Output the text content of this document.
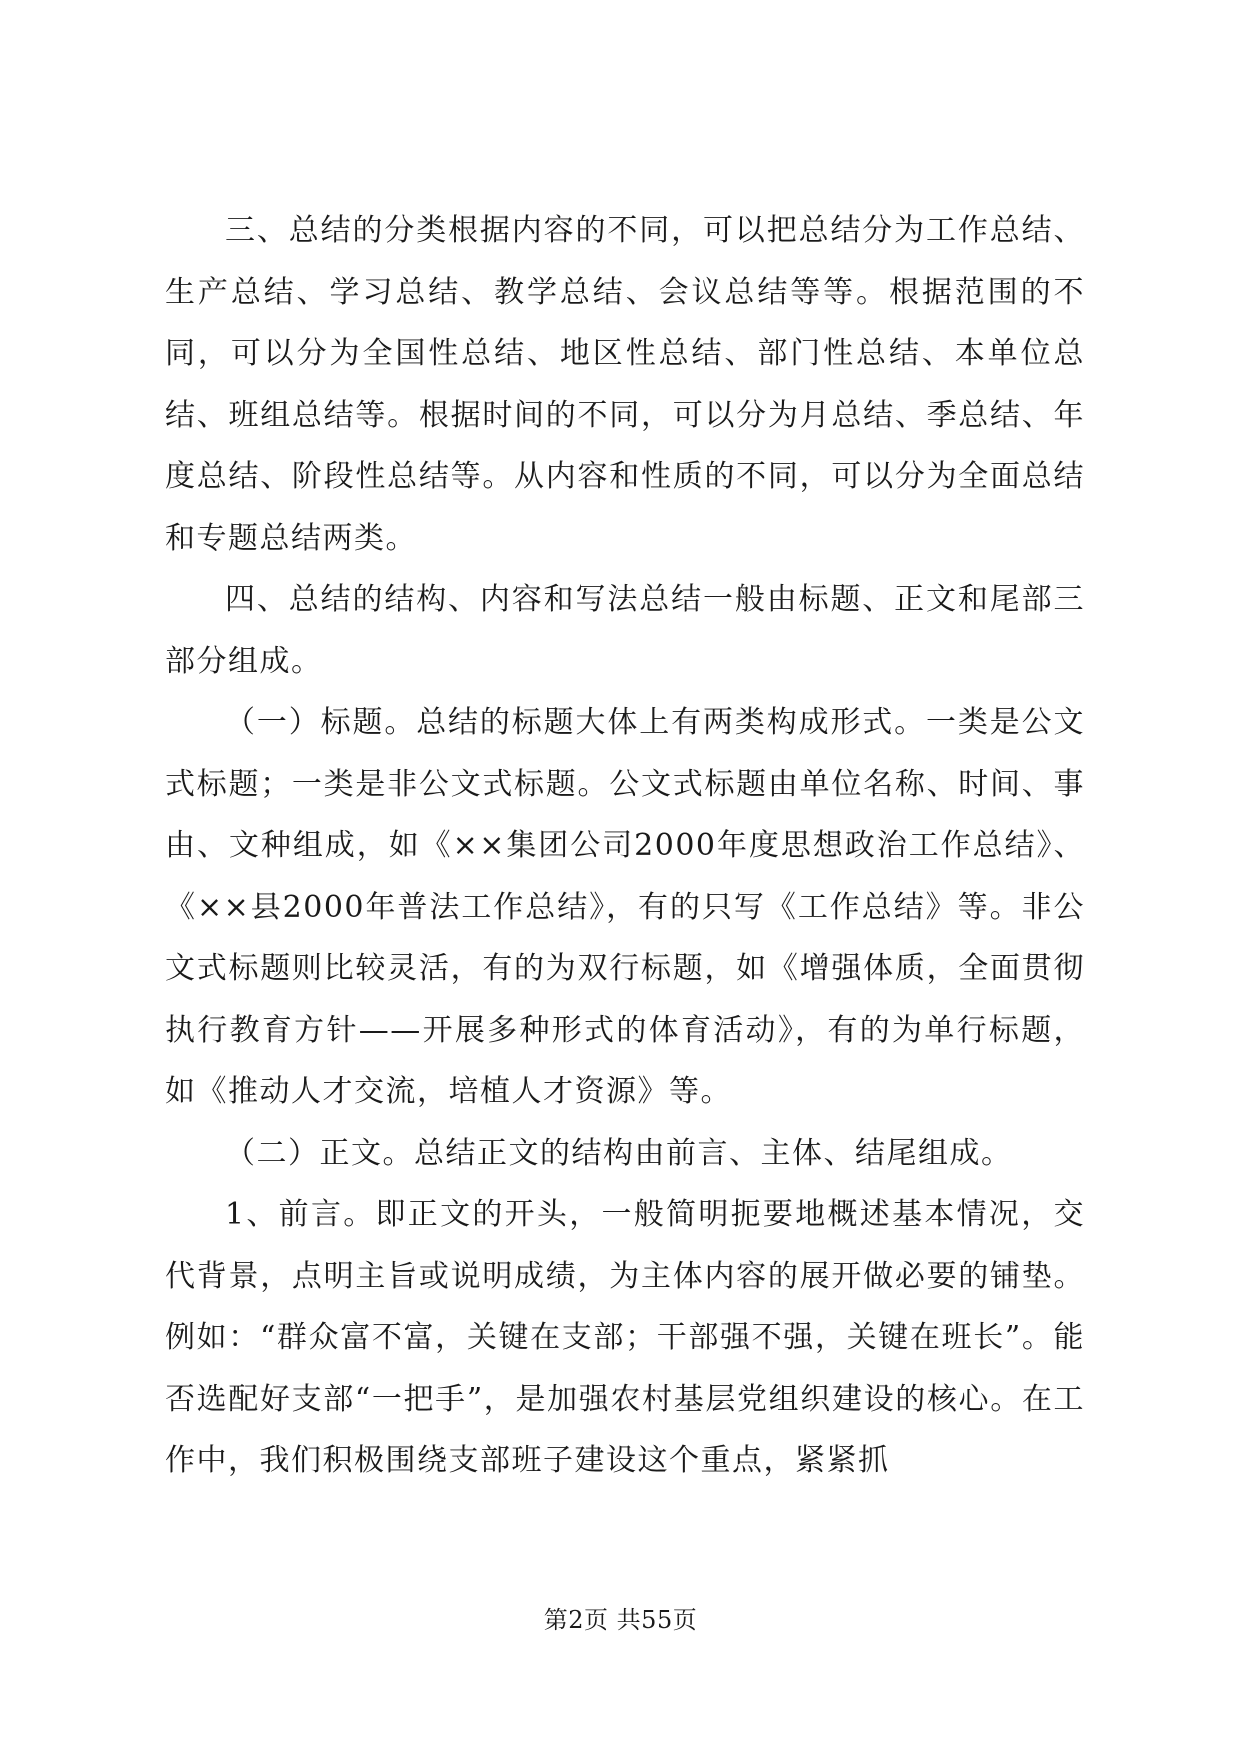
三、总结的分类根据内容的不同，可以把总结分为工作总结、生产总结、学习总结、教学总结、会议总结等等。根据范围的不同，可以分为全国性总结、地区性总结、部门性总结、本单位总结、班组总结等。根据时间的不同，可以分为月总结、季总结、年度总结、阶段性总结等。从内容和性质的不同，可以分为全面总结和专题总结两类。

四、总结的结构、内容和写法总结一般由标题、正文和尾部三部分组成。

（一）标题。总结的标题大体上有两类构成形式。一类是公文式标题；一类是非公文式标题。公文式标题由单位名称、时间、事由、文种组成，如《××集团公司2000年度思想政治工作总结》、《××县2000年普法工作总结》，有的只写《工作总结》等。非公文式标题则比较灵活，有的为双行标题，如《增强体质，全面贯彻执行教育方针——开展多种形式的体育活动》，有的为单行标题，如《推动人才交流，培植人才资源》等。

（二）正文。总结正文的结构由前言、主体、结尾组成。

1、前言。即正文的开头，一般简明扼要地概述基本情况，交代背景，点明主旨或说明成绩，为主体内容的展开做必要的铺垫。例如：“群众富不富，关键在支部；干部强不强，关键在班长”。能否选配好支部“一把手”，是加强农村基层党组织建设的核心。在工作中，我们积极围绕支部班子建设这个重点，紧紧抓

第2页 共55页
